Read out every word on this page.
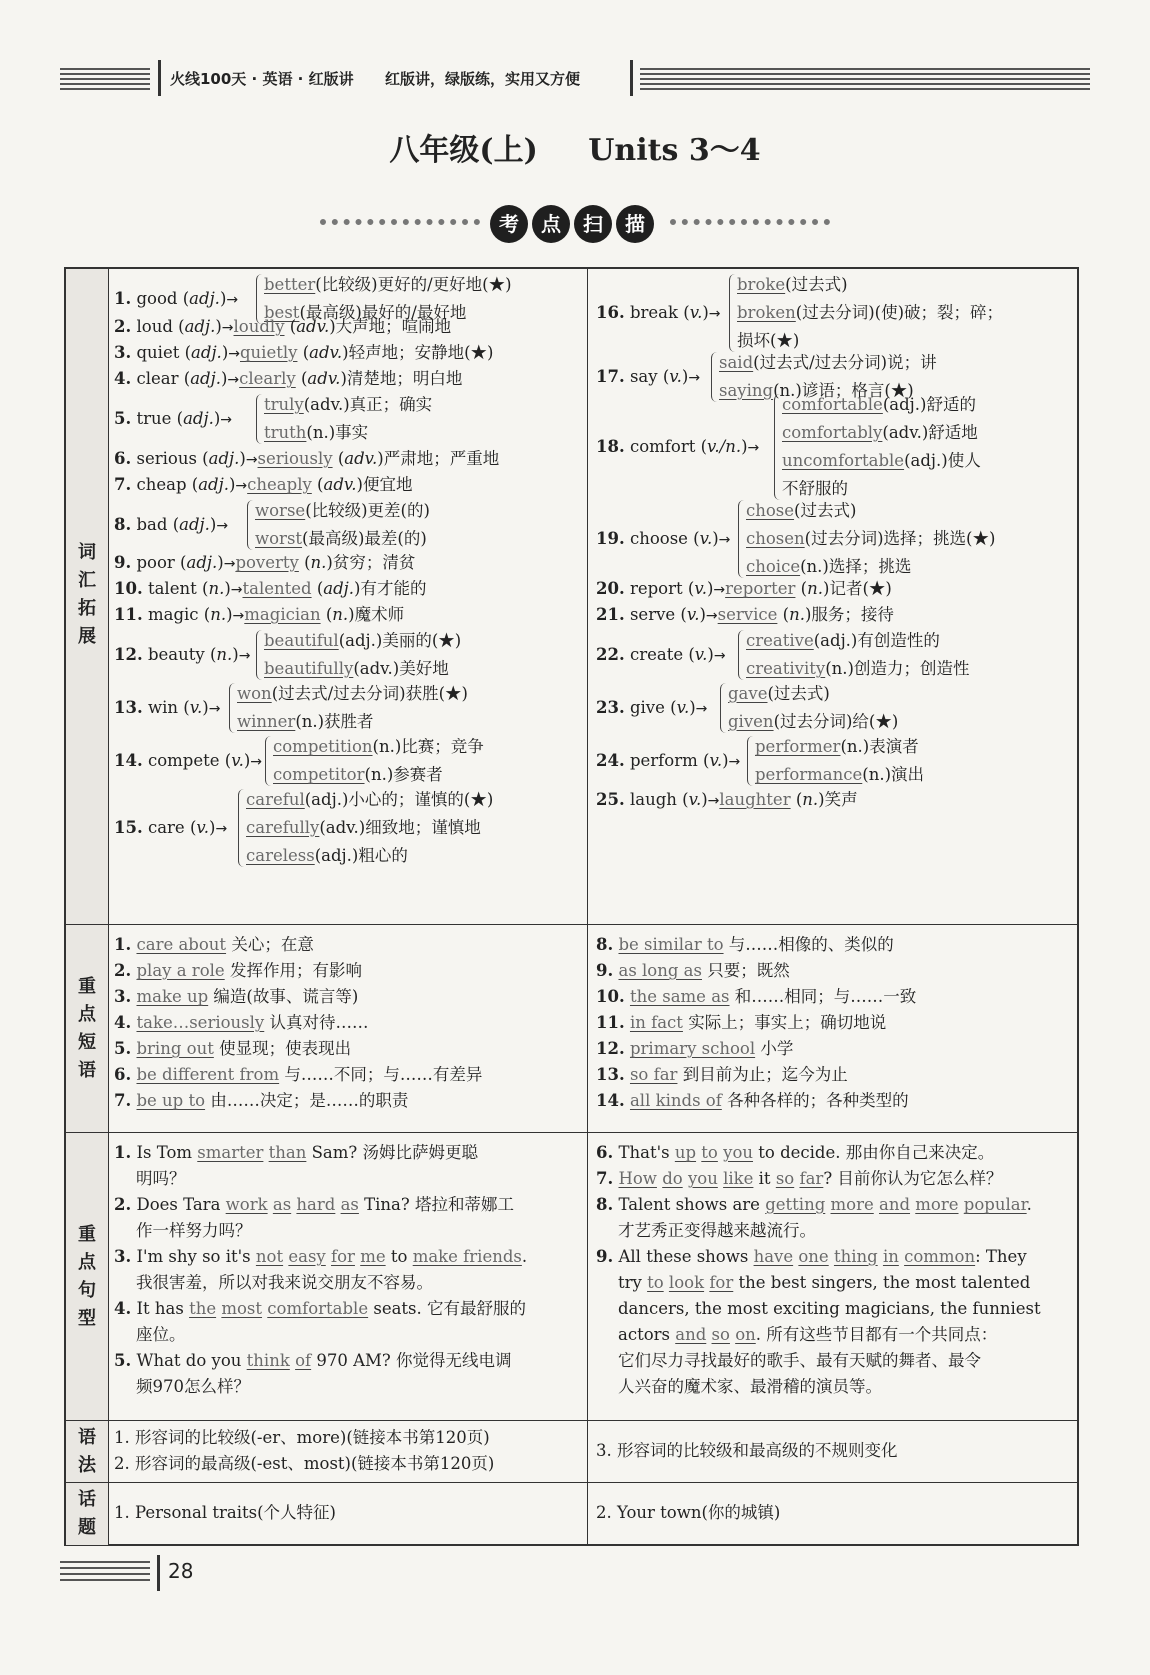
火线100天 · 英语 · 红版讲 红版讲，绿版练，实用又方便
八年级(上) Units 3～4
考	点	扫	描
词
汇
拓
展
1. good (adj.)→
better(比较级)更好的/更好地(★)
best(最高级)最好的/最好地
2. loud (adj.)→loudly (adv.)大声地；喧闹地
3. quiet (adj.)→quietly (adv.)轻声地；安静地(★)
4. clear (adj.)→clearly (adv.)清楚地；明白地
5. true (adj.)→
truly(adv.)真正；确实
truth(n.)事实
6. serious (adj.)→seriously (adv.)严肃地；严重地
7. cheap (adj.)→cheaply (adv.)便宜地
8. bad (adj.)→
worse(比较级)更差(的)
worst(最高级)最差(的)
9. poor (adj.)→poverty (n.)贫穷；清贫
10. talent (n.)→talented (adj.)有才能的
11. magic (n.)→magician (n.)魔术师
12. beauty (n.)→
beautiful(adj.)美丽的(★)
beautifully(adv.)美好地
13. win (v.)→
won(过去式/过去分词)获胜(★)
winner(n.)获胜者
14. compete (v.)→
competition(n.)比赛；竞争
competitor(n.)参赛者
15. care (v.)→
careful(adj.)小心的；谨慎的(★)
carefully(adv.)细致地；谨慎地
careless(adj.)粗心的
16. break (v.)→
broke(过去式)
broken(过去分词)(使)破；裂；碎；
损坏(★)
17. say (v.)→
said(过去式/过去分词)说；讲
saying(n.)谚语；格言(★)
18. comfort (v./n.)→
comfortable(adj.)舒适的
comfortably(adv.)舒适地
uncomfortable(adj.)使人
不舒服的
19. choose (v.)→
chose(过去式)
chosen(过去分词)选择；挑选(★)
choice(n.)选择；挑选
20. report (v.)→reporter (n.)记者(★)
21. serve (v.)→service (n.)服务；接待
22. create (v.)→
creative(adj.)有创造性的
creativity(n.)创造力；创造性
23. give (v.)→
gave(过去式)
given(过去分词)给(★)
24. perform (v.)→
performer(n.)表演者
performance(n.)演出
25. laugh (v.)→laughter (n.)笑声
重
点
短
语
1. care about 关心；在意
2. play a role 发挥作用；有影响
3. make up 编造(故事、谎言等)
4. take…seriously 认真对待……
5. bring out 使显现；使表现出
6. be different from 与……不同；与……有差异
7. be up to 由……决定；是……的职责
8. be similar to 与……相像的、类似的
9. as long as 只要；既然
10. the same as 和……相同；与……一致
11. in fact 实际上；事实上；确切地说
12. primary school 小学
13. so far 到目前为止；迄今为止
14. all kinds of 各种各样的；各种类型的
重
点
句
型
1. Is Tom smarter than Sam? 汤姆比萨姆更聪
明吗？
2. Does Tara work as hard as Tina? 塔拉和蒂娜工
作一样努力吗？
3. I'm shy so it's not easy for me to make friends.
我很害羞，所以对我来说交朋友不容易。
4. It has the most comfortable seats. 它有最舒服的
座位。
5. What do you think of 970 AM? 你觉得无线电调
频970怎么样？
6. That's up to you to decide. 那由你自己来决定。
7. How do you like it so far? 目前你认为它怎么样？
8. Talent shows are getting more and more popular.
才艺秀正变得越来越流行。
9. All these shows have one thing in common: They
try to look for the best singers, the most talented
dancers, the most exciting magicians, the funniest
actors and so on. 所有这些节目都有一个共同点：
它们尽力寻找最好的歌手、最有天赋的舞者、最令
人兴奋的魔术家、最滑稽的演员等。
语
法
1. 形容词的比较级(-er、more)(链接本书第120页)
2. 形容词的最高级(-est、most)(链接本书第120页)
3. 形容词的比较级和最高级的不规则变化
话
题
1. Personal traits(个人特征)	2. Your town(你的城镇)
28
